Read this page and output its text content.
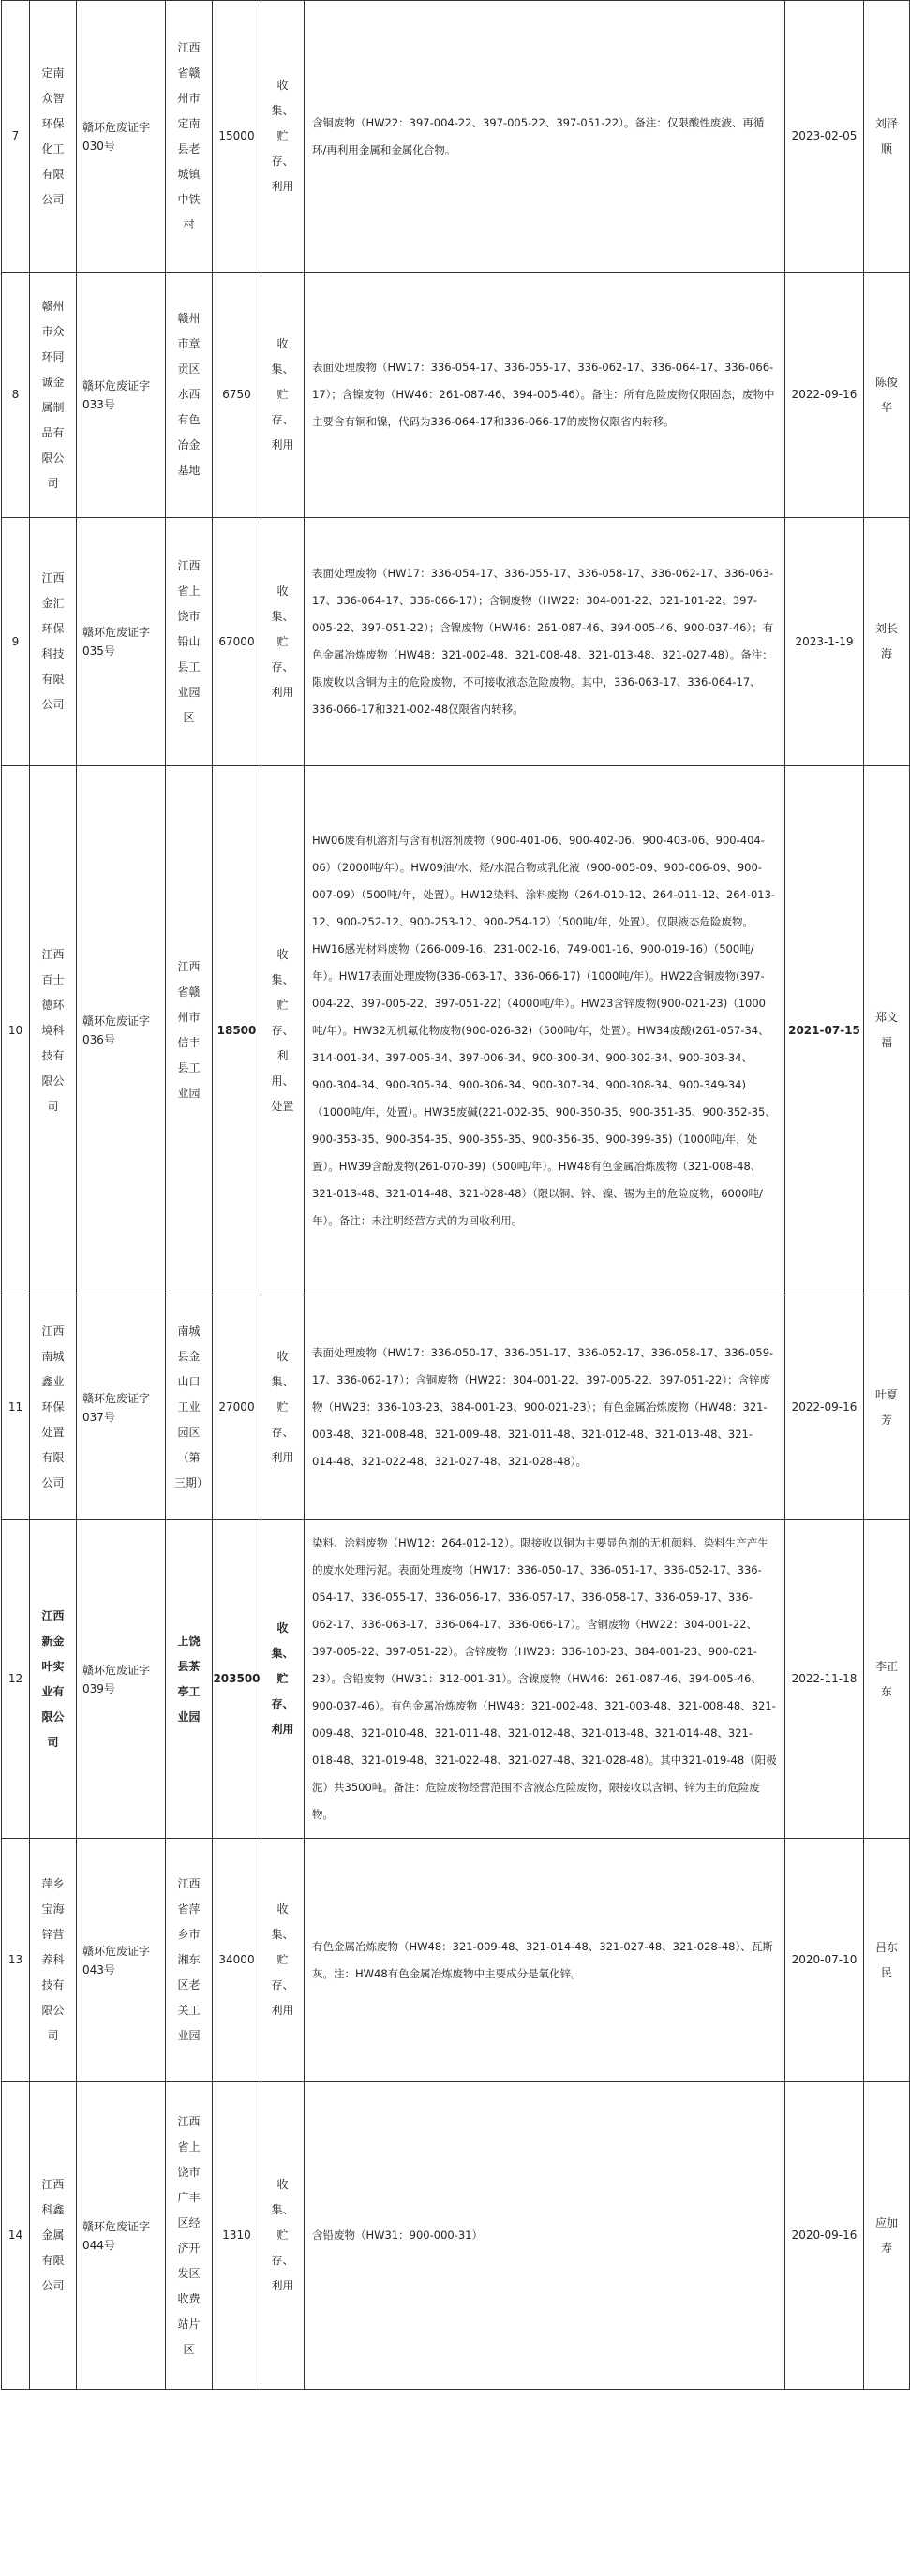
7	定南众智环保化工有限公司	赣环危废证字030号	江西省赣州市定南县老城镇中铁村	15000	收集、贮存、利用	含铜废物（HW22：397-004-22、397-005-22、397-051-22）。备注：仅限酸性废液、再循环/再利用金属和金属化合物。	2023-02-05	刘泽顺
8	赣州市众环同诚金属制品有限公司	赣环危废证字033号	赣州市章贡区水西有色冶金基地	6750	收集、贮存、利用	表面处理废物（HW17：336-054-17、336-055-17、336-062-17、336-064-17、336-066-17）；含镍废物（HW46：261-087-46、394-005-46）。备注：所有危险废物仅限固态，废物中主要含有铜和镍，代码为336-064-17和336-066-17的废物仅限省内转移。	2022-09-16	陈俊华
9	江西金汇环保科技有限公司	赣环危废证字035号	江西省上饶市铅山县工业园区	67000	收集、贮存、利用	表面处理废物（HW17：336-054-17、336-055-17、336-058-17、336-062-17、336-063-17、336-064-17、336-066-17）；含铜废物（HW22：304-001-22、321-101-22、397-005-22、397-051-22）；含镍废物（HW46：261-087-46、394-005-46、900-037-46）；有色金属冶炼废物（HW48：321-002-48、321-008-48、321-013-48、321-027-48）。备注：限废收以含铜为主的危险废物，不可接收液态危险废物。其中，336-063-17、336-064-17、336-066-17和321-002-48仅限省内转移。	2023-1-19	刘长海
10	江西百士德环境科技有限公司	赣环危废证字036号	江西省赣州市信丰县工业园	18500	收集、贮存、利用、处置	HW06废有机溶剂与含有机溶剂废物（900-401-06、900-402-06、900-403-06、900-404-06）（2000吨/年）。HW09油/水、烃/水混合物或乳化液（900-005-09、900-006-09、900-007-09）（500吨/年，处置）。HW12染料、涂料废物（264-010-12、264-011-12、264-013-12、900-252-12、900-253-12、900-254-12）（500吨/年，处置）。仅限液态危险废物。HW16感光材料废物（266-009-16、231-002-16、749-001-16、900-019-16）（500吨/年）。HW17表面处理废物(336-063-17、336-066-17)（1000吨/年）。HW22含铜废物(397-004-22、397-005-22、397-051-22)（4000吨/年）。HW23含锌废物(900-021-23)（1000吨/年）。HW32无机氟化物废物(900-026-32)（500吨/年，处置）。HW34废酸(261-057-34、314-001-34、397-005-34、397-006-34、900-300-34、900-302-34、900-303-34、900-304-34、900-305-34、900-306-34、900-307-34、900-308-34、900-349-34)（1000吨/年，处置）。HW35废碱(221-002-35、900-350-35、900-351-35、900-352-35、900-353-35、900-354-35、900-355-35、900-356-35、900-399-35)（1000吨/年，处置）。HW39含酚废物(261-070-39)（500吨/年）。HW48有色金属冶炼废物（321-008-48、321-013-48、321-014-48、321-028-48）（限以铜、锌、镍、锡为主的危险废物，6000吨/年）。备注：未注明经营方式的为回收利用。	2021-07-15	郑文福
11	江西南城鑫业环保处置有限公司	赣环危废证字037号	南城县金山口工业园区（第三期）	27000	收集、贮存、利用	表面处理废物（HW17：336-050-17、336-051-17、336-052-17、336-058-17、336-059-17、336-062-17）；含铜废物（HW22：304-001-22、397-005-22、397-051-22）；含锌废物（HW23：336-103-23、384-001-23、900-021-23）；有色金属冶炼废物（HW48：321-003-48、321-008-48、321-009-48、321-011-48、321-012-48、321-013-48、321-014-48、321-022-48、321-027-48、321-028-48）。	2022-09-16	叶夏芳
12	江西新金叶实业有限公司	赣环危废证字039号	上饶县茶亭工业园	203500	收集、贮存、利用	染料、涂料废物（HW12：264-012-12）。限接收以铜为主要显色剂的无机颜料、染料生产产生的废水处理污泥。表面处理废物（HW17：336-050-17、336-051-17、336-052-17、336-054-17、336-055-17、336-056-17、336-057-17、336-058-17、336-059-17、336-062-17、336-063-17、336-064-17、336-066-17）。含铜废物（HW22：304-001-22、397-005-22、397-051-22）。含锌废物（HW23：336-103-23、384-001-23、900-021-23）。含铅废物（HW31：312-001-31）。含镍废物（HW46：261-087-46、394-005-46、900-037-46）。有色金属冶炼废物（HW48：321-002-48、321-003-48、321-008-48、321-009-48、321-010-48、321-011-48、321-012-48、321-013-48、321-014-48、321-018-48、321-019-48、321-022-48、321-027-48、321-028-48）。其中321-019-48（阳极泥）共3500吨。备注：危险废物经营范围不含液态危险废物，限接收以含铜、锌为主的危险废物。	2022-11-18	李正东
13	萍乡宝海锌营养科技有限公司	赣环危废证字043号	江西省萍乡市湘东区老关工业园	34000	收集、贮存、利用	有色金属冶炼废物（HW48：321-009-48、321-014-48、321-027-48、321-028-48）、瓦斯灰。注：HW48有色金属冶炼废物中主要成分是氧化锌。	2020-07-10	吕东民
14	江西科鑫金属有限公司	赣环危废证字044号	江西省上饶市广丰区经济开发区收费站片区	1310	收集、贮存、利用	含铅废物（HW31：900-000-31）	2020-09-16	应加寿
